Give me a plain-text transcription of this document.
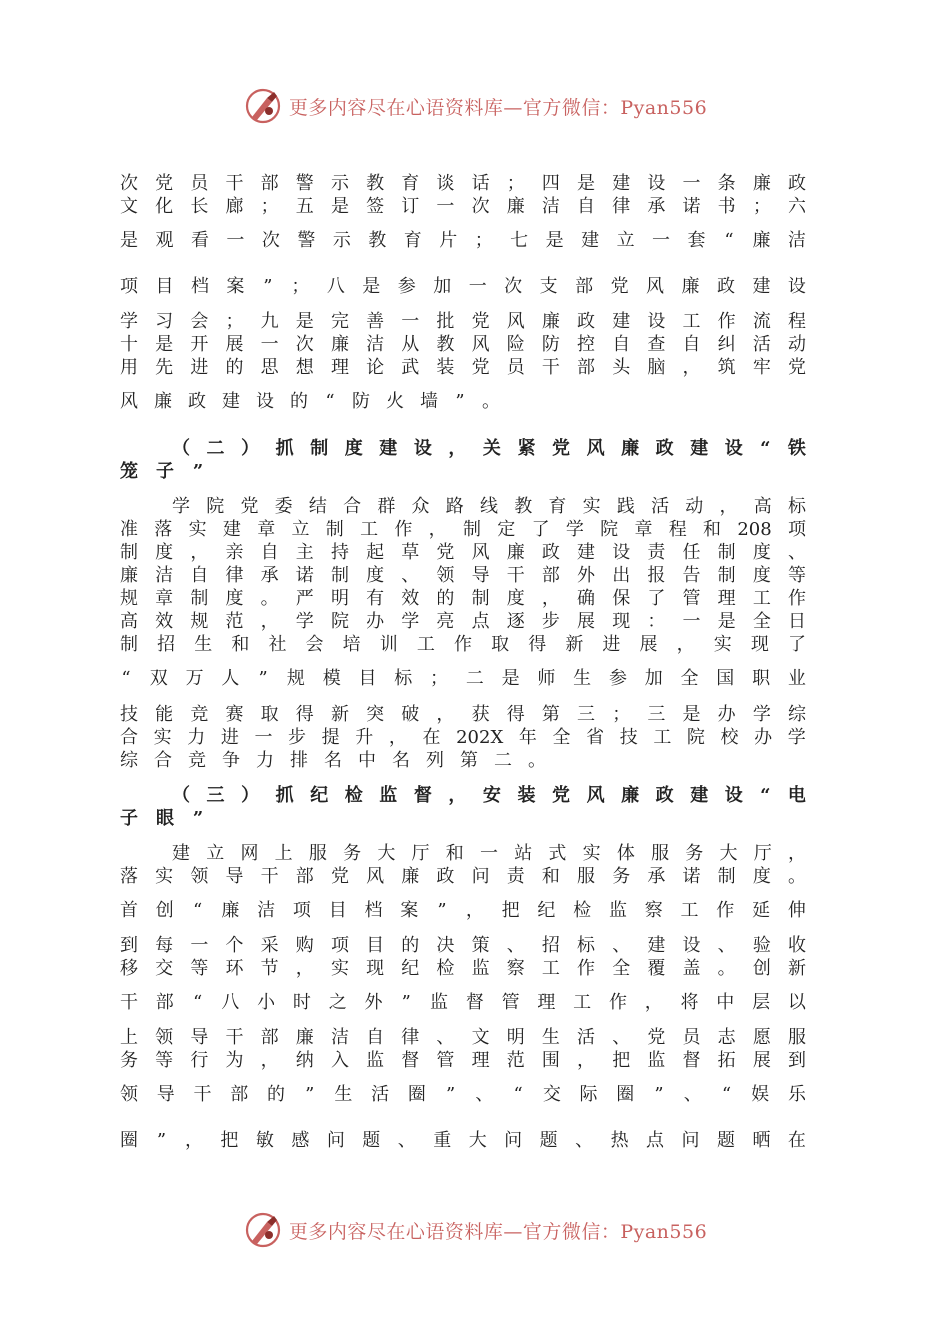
更多内容尽在心语资料库—官方微信：Pyan556
次 党 员 干 部 警 示 教 育 谈 话 ； 四 是 建 设 一 条 廉 政
文 化 长 廊 ； 五 是 签 订 一 次 廉 洁 自 律 承 诺 书 ； 六
是 观 看 一 次 警 示 教 育 片 ； 七 是 建 立 一 套 “ 廉 洁
项 目 档 案 ” ； 八 是 参 加 一 次 支 部 党 风 廉 政 建 设
学 习 会 ； 九 是 完 善 一 批 党 风 廉 政 建 设 工 作 流 程
十 是 开 展 一 次 廉 洁 从 教 风 险 防 控 自 查 自 纠 活 动
用 先 进 的 思 想 理 论 武 装 党 员 干 部 头 脑 ， 筑 牢 党
风 廉 政 建 设 的 “ 防 火 墙 ” 。
（ 二 ） 抓 制 度 建 设 ， 关 紧 党 风 廉 政 建 设 “ 铁
笼 子 ”
学 院 党 委 结 合 群 众 路 线 教 育 实 践 活 动 ， 高 标
准 落 实 建 章 立 制 工 作 ， 制 定 了 学 院 章 程 和 208 项
制 度 ， 亲 自 主 持 起 草 党 风 廉 政 建 设 责 任 制 度 、
廉 洁 自 律 承 诺 制 度 、 领 导 干 部 外 出 报 告 制 度 等
规 章 制 度 。 严 明 有 效 的 制 度 ， 确 保 了 管 理 工 作
高 效 规 范 ， 学 院 办 学 亮 点 逐 步 展 现 ： 一 是 全 日
制 招 生 和 社 会 培 训 工 作 取 得 新 进 展 ， 实 现 了
“ 双 万 人 ” 规 模 目 标 ； 二 是 师 生 参 加 全 国 职 业
技 能 竞 赛 取 得 新 突 破 ， 获 得 第 三 ； 三 是 办 学 综
合 实 力 进 一 步 提 升 ， 在 202X 年 全 省 技 工 院 校 办 学
综 合 竞 争 力 排 名 中 名 列 第 二 。
（ 三 ） 抓 纪 检 监 督 ， 安 装 党 风 廉 政 建 设 “ 电
子 眼 ”
建 立 网 上 服 务 大 厅 和 一 站 式 实 体 服 务 大 厅 ，
落 实 领 导 干 部 党 风 廉 政 问 责 和 服 务 承 诺 制 度 。
首 创 “ 廉 洁 项 目 档 案 ” ， 把 纪 检 监 察 工 作 延 伸
到 每 一 个 采 购 项 目 的 决 策 、 招 标 、 建 设 、 验 收
移 交 等 环 节 ， 实 现 纪 检 监 察 工 作 全 覆 盖 。 创 新
干 部 “ 八 小 时 之 外 ” 监 督 管 理 工 作 ， 将 中 层 以
上 领 导 干 部 廉 洁 自 律 、 文 明 生 活 、 党 员 志 愿 服
务 等 行 为 ， 纳 入 监 督 管 理 范 围 ， 把 监 督 拓 展 到
领 导 干 部 的 ” 生 活 圈 ” 、 “ 交 际 圈 ” 、 “ 娱 乐
圈 ” ， 把 敏 感 问 题 、 重 大 问 题 、 热 点 问 题 晒 在
更多内容尽在心语资料库—官方微信：Pyan556
